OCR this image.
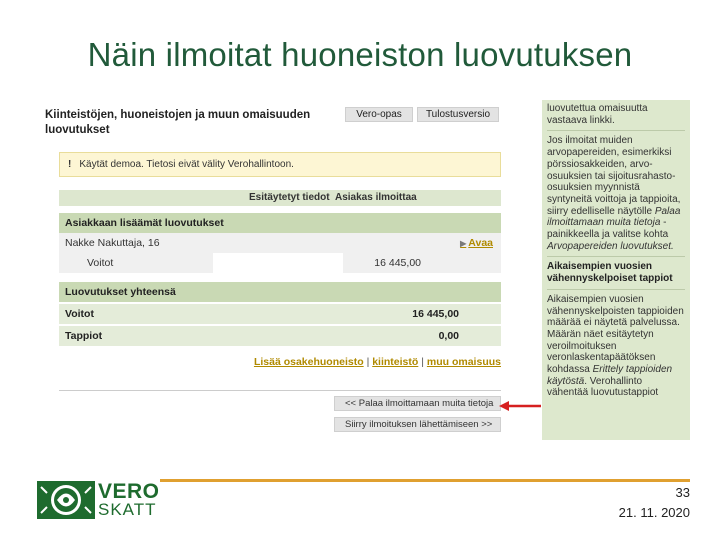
Näin ilmoitat huoneiston luovutuksen
Kiinteistöjen, huoneistojen ja muun omaisuuden luovutukset
Vero-opas	Tulostusversio
! Käytät demoa. Tietosi eivät välity Verohallintoon.
Esitäytetyt tiedot Asiakas ilmoittaa
Asiakkaan lisäämät luovutukset
Nakke Nakuttaja, 16	▶ Avaa
Voitot	16 445,00
Luovutukset yhteensä
Voitot	16 445,00
Tappiot	0,00
Lisää osakehuoneisto | kiinteistö | muu omaisuus
<< Palaa ilmoittamaan muita tietoja
Siirry ilmoituksen lähettämiseen >>

luovutettua omaisuutta vastaava linkki.

Jos ilmoitat muiden arvopapereiden, esimerkiksi pörssiosakkeiden, arvo-osuuksien tai sijoitusrahasto-osuuksien myynnistä syntyneitä voittoja ja tappioita, siirry edelliselle näytölle Palaa ilmoittamaan muita tietoja -painikkeella ja valitse kohta Arvopapereiden luovutukset.

Aikaisempien vuosien vähennyskelpoiset tappiot

Aikaisempien vuosien vähennyskelpoisten tappioiden määrää ei näytetä palvelussa. Määrän näet esitäytetyn veroilmoituksen veronlaskentapäätöksen kohdassa Erittely tappioiden käytöstä. Verohallinto vähentää luovutustappiot

VERO
SKATT
33
21. 11. 2020
